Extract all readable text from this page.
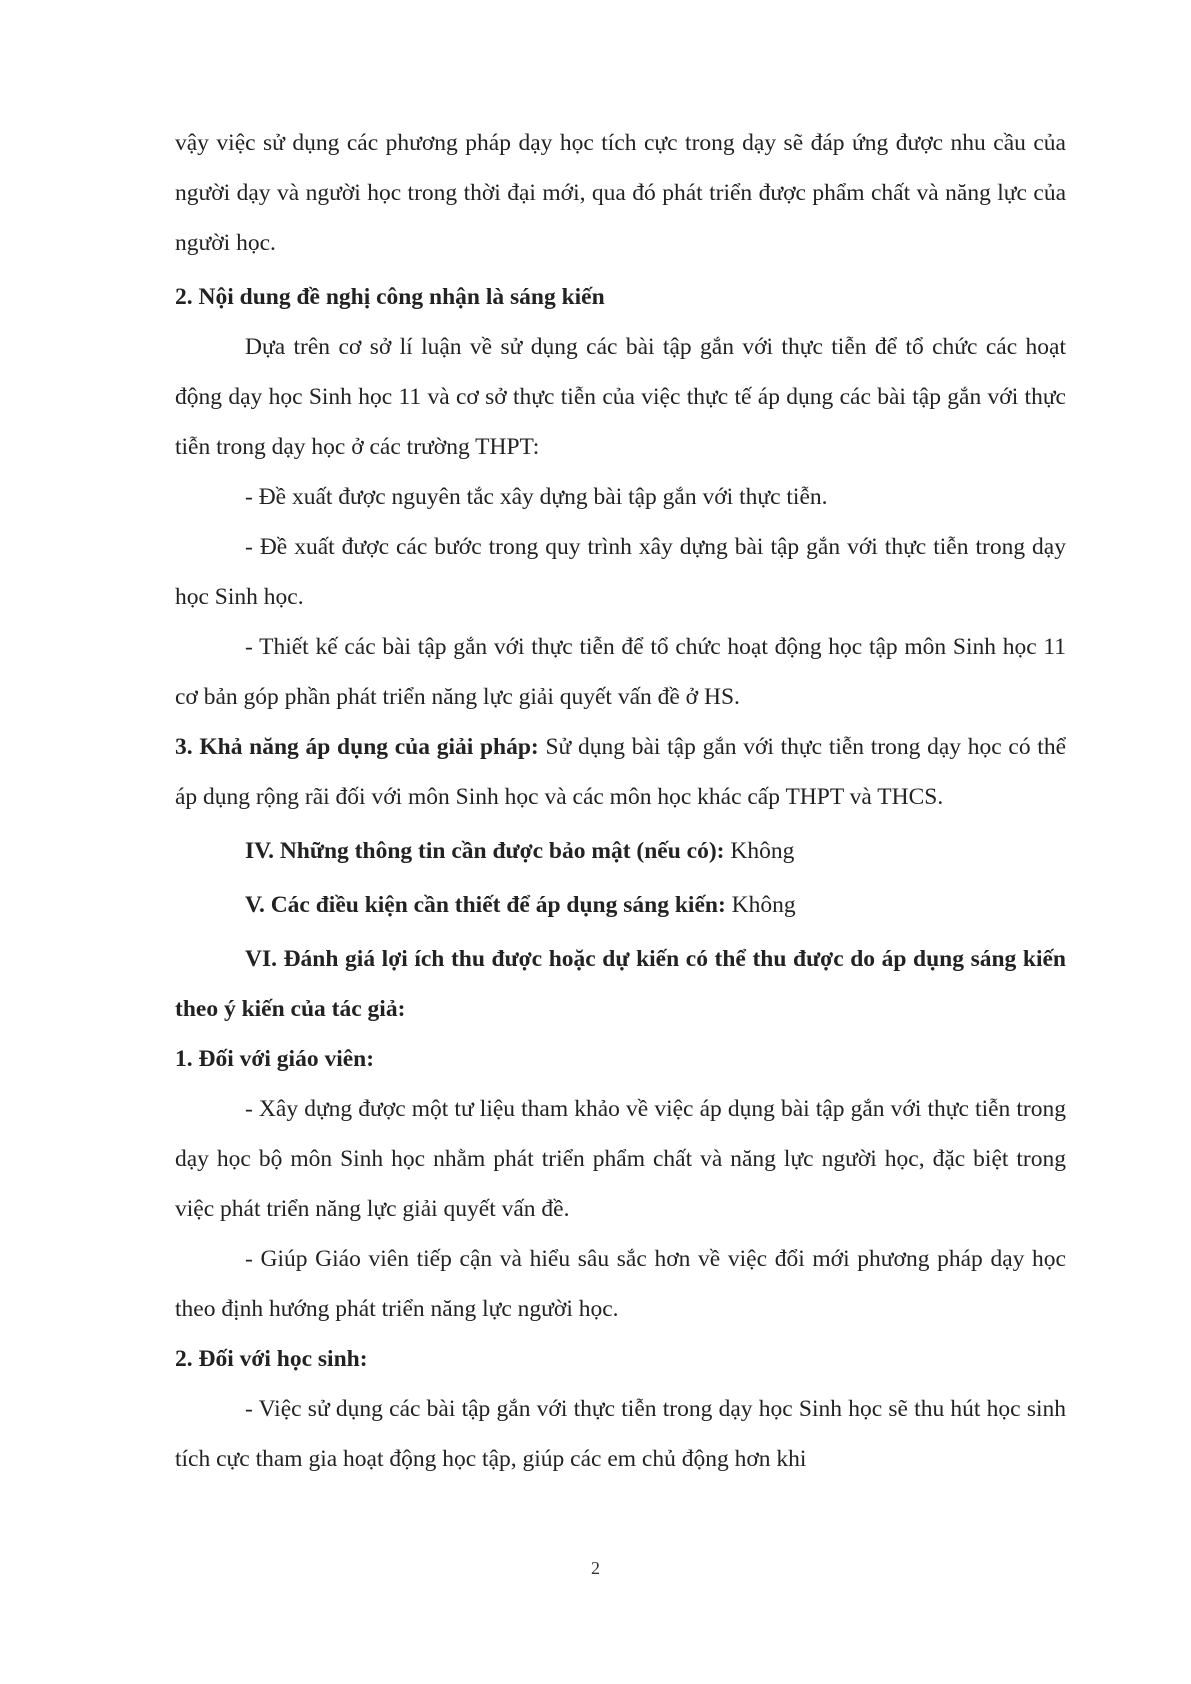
vậy việc sử dụng các phương pháp dạy học tích cực trong dạy sẽ đáp ứng được nhu cầu của người dạy và người học trong thời đại mới, qua đó phát triển được phẩm chất và năng lực của người học.

2. Nội dung đề nghị công nhận là sáng kiến

Dựa trên cơ sở lí luận về sử dụng các bài tập gắn với thực tiễn để tổ chức các hoạt động dạy học Sinh học 11 và cơ sở thực tiễn của việc thực tế áp dụng các bài tập gắn với thực tiễn trong dạy học ở các trường THPT:

- Đề xuất được nguyên tắc xây dựng bài tập gắn với thực tiễn.

- Đề xuất được các bước trong quy trình xây dựng bài tập gắn với thực tiễn trong dạy học Sinh học.

- Thiết kế các bài tập gắn với thực tiễn để tổ chức hoạt động học tập môn Sinh học 11 cơ bản góp phần phát triển năng lực giải quyết vấn đề ở HS.

3. Khả năng áp dụng của giải pháp: Sử dụng bài tập gắn với thực tiễn trong dạy học có thể áp dụng rộng rãi đối với môn Sinh học và các môn học khác cấp THPT và THCS.

IV. Những thông tin cần được bảo mật (nếu có): Không

V. Các điều kiện cần thiết để áp dụng sáng kiến: Không

VI. Đánh giá lợi ích thu được hoặc dự kiến có thể thu được do áp dụng sáng kiến theo ý kiến của tác giả:

1. Đối với giáo viên:

- Xây dựng được một tư liệu tham khảo về việc áp dụng bài tập gắn với thực tiễn trong dạy học bộ môn Sinh học nhằm phát triển phẩm chất và năng lực người học, đặc biệt trong việc phát triển năng lực giải quyết vấn đề.

- Giúp Giáo viên tiếp cận và hiểu sâu sắc hơn về việc đổi mới phương pháp dạy học theo định hướng phát triển năng lực người học.

2. Đối với học sinh:

- Việc sử dụng các bài tập gắn với thực tiễn trong dạy học Sinh học sẽ thu hút học sinh tích cực tham gia hoạt động học tập, giúp các em chủ động hơn khi

2
